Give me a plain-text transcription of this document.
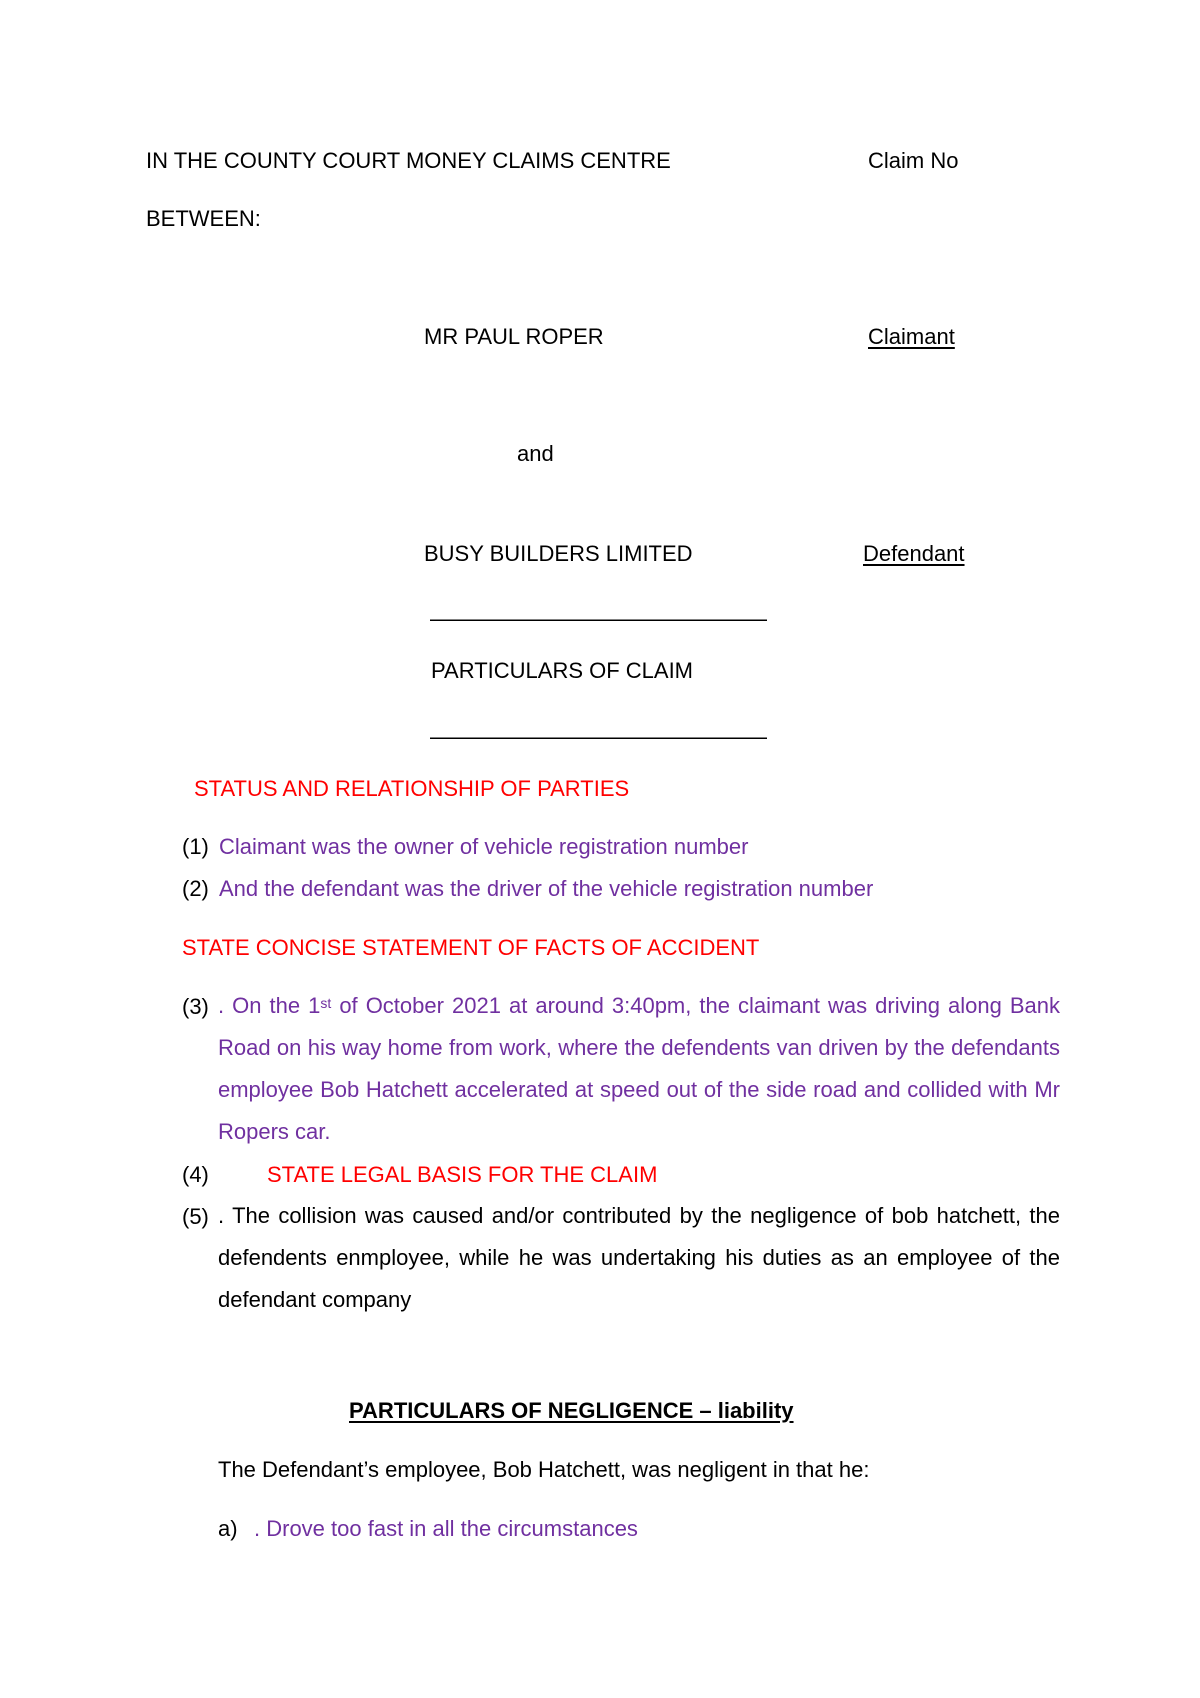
IN THE COUNTY COURT MONEY CLAIMS CENTRE	Claim No
BETWEEN:
MR PAUL ROPER	Claimant
and
BUSY BUILDERS LIMITED	Defendant
————————————————
PARTICULARS OF CLAIM
————————————————
STATUS AND RELATIONSHIP OF PARTIES
(1) Claimant was the owner of vehicle registration number
(2) And the defendant was the driver of the vehicle registration number
STATE CONCISE STATEMENT OF FACTS OF ACCIDENT
(3) . On the 1st of October 2021 at around 3:40pm, the claimant was driving along Bank Road on his way home from work, where the defendents van driven by the defendants employee Bob Hatchett accelerated at speed out of the side road and collided with Mr Ropers car.
(4)	STATE LEGAL BASIS FOR THE CLAIM
(5) . The collision was caused and/or contributed by the negligence of bob hatchett, the defendents enmployee, while he was undertaking his duties as an employee of the defendant company
PARTICULARS OF NEGLIGENCE – liability
The Defendant’s employee, Bob Hatchett, was negligent in that he:
a) . Drove too fast in all the circumstances
